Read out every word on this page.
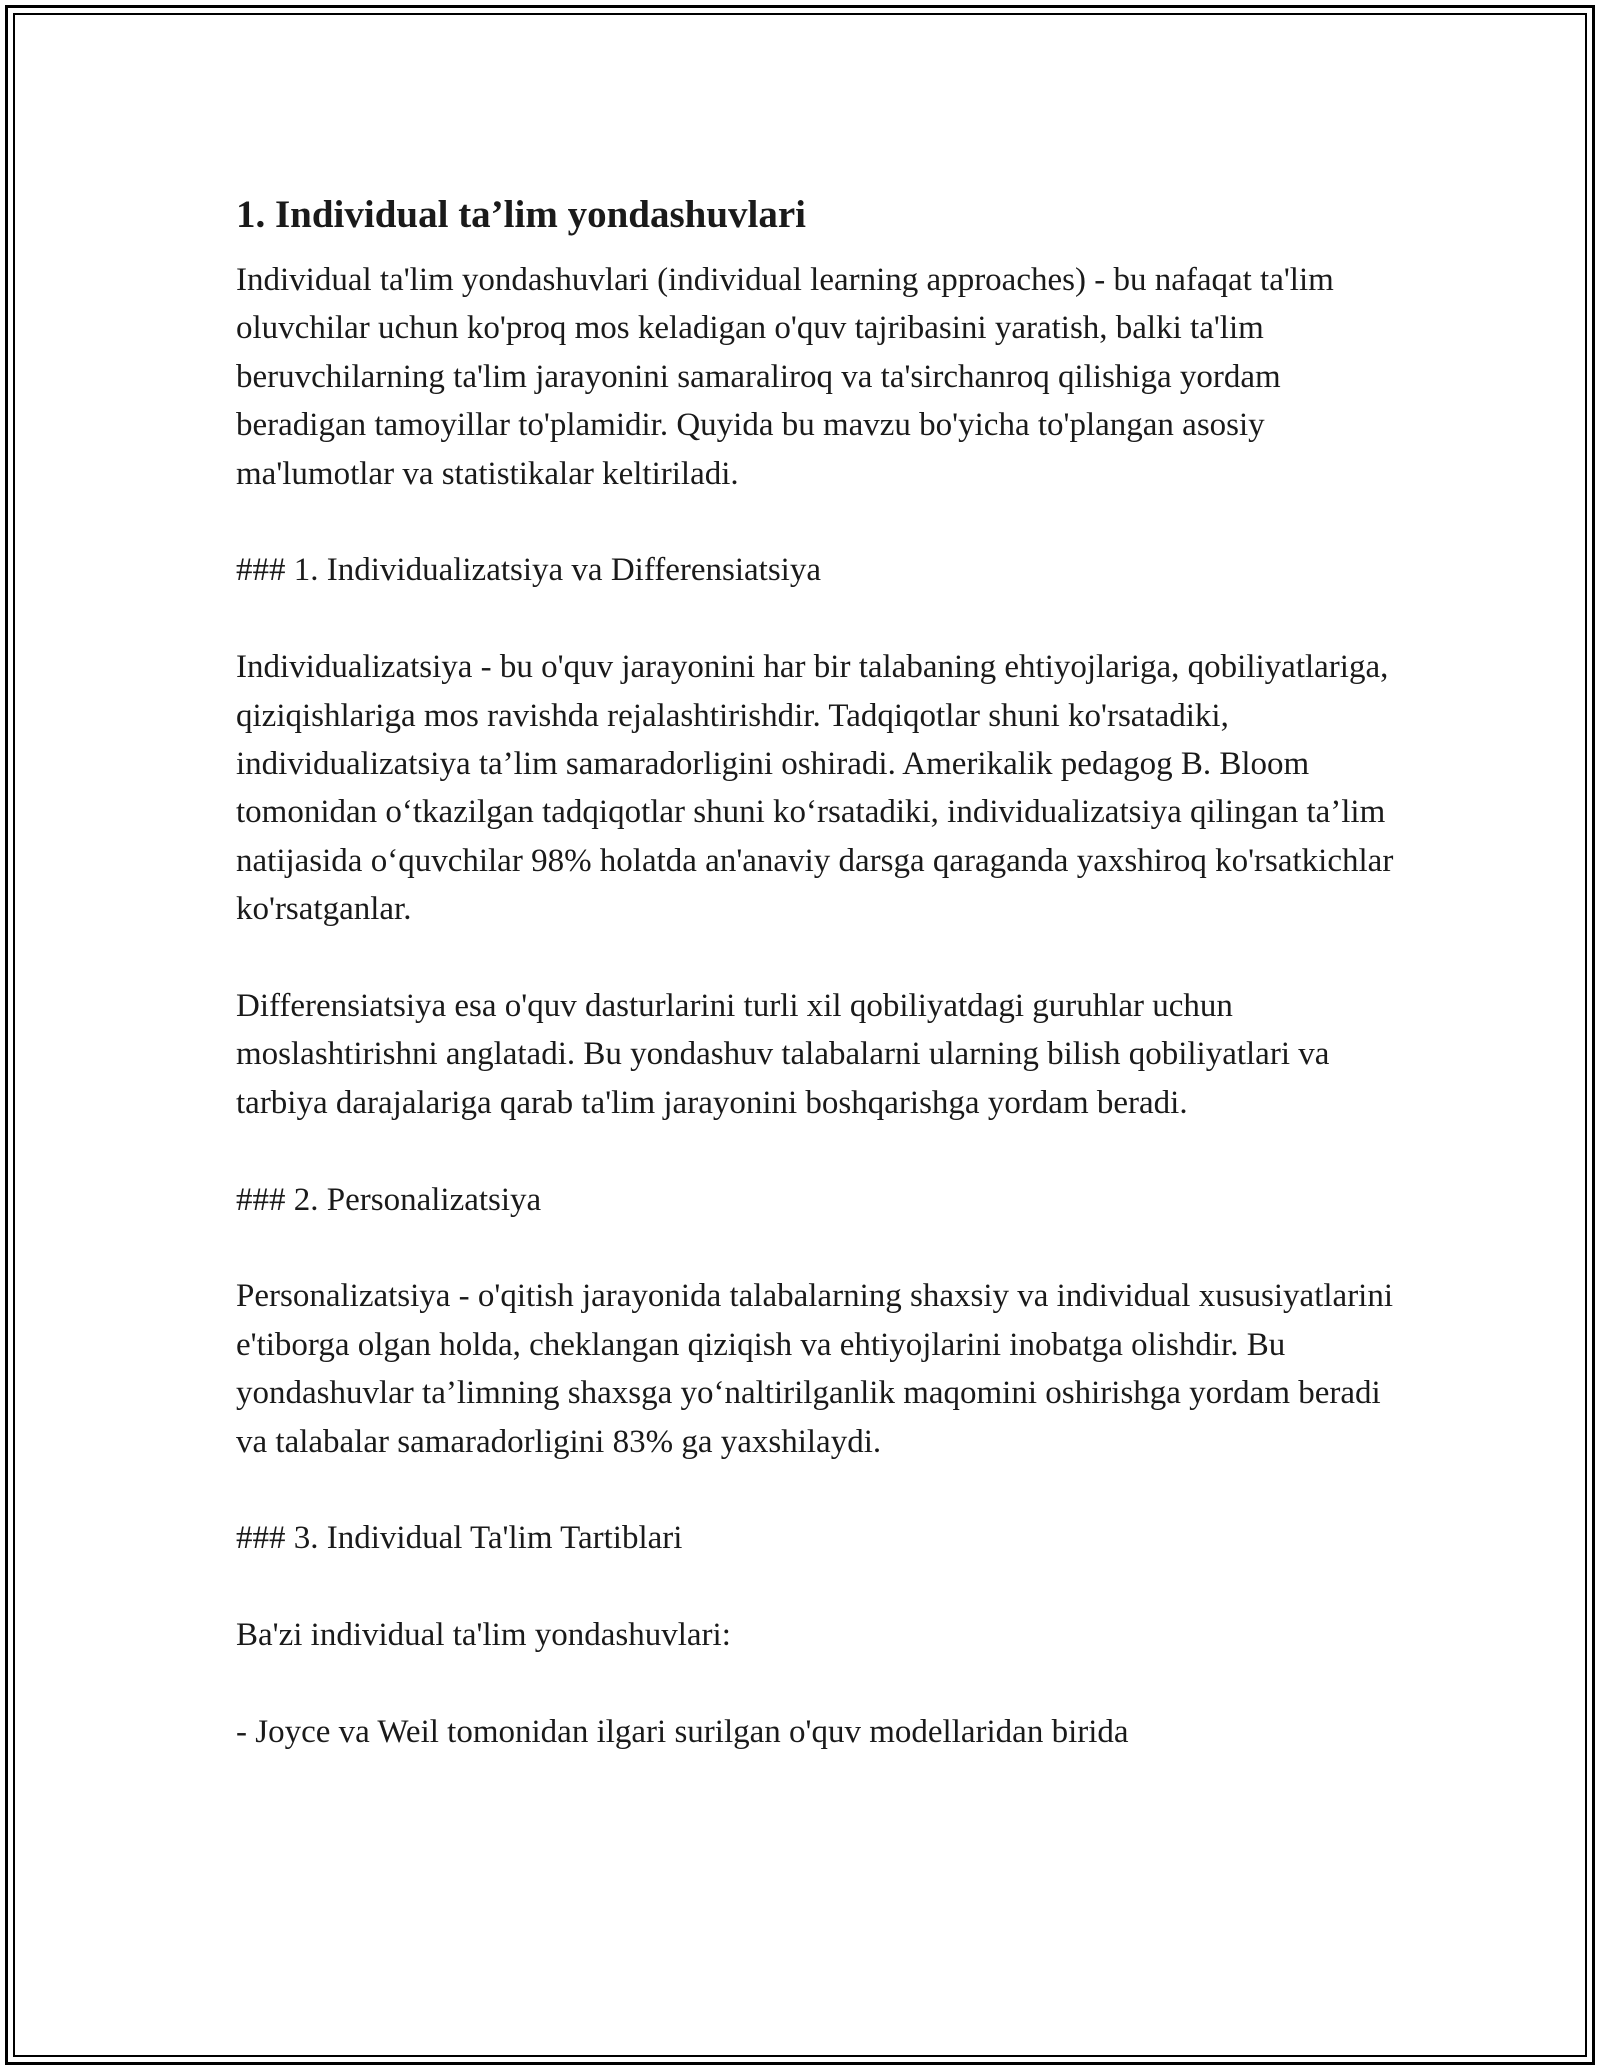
1. Individual ta’lim yondashuvlari

Individual ta'lim yondashuvlari (individual learning approaches) - bu nafaqat ta'lim oluvchilar uchun ko'proq mos keladigan o'quv tajribasini yaratish, balki ta'lim beruvchilarning ta'lim jarayonini samaraliroq va ta'sirchanroq qilishiga yordam beradigan tamoyillar to'plamidir. Quyida bu mavzu bo'yicha to'plangan asosiy ma'lumotlar va statistikalar keltiriladi.

### 1. Individualizatsiya va Differensiatsiya

Individualizatsiya - bu o'quv jarayonini har bir talabaning ehtiyojlariga, qobiliyatlariga, qiziqishlariga mos ravishda rejalashtirishdir. Tadqiqotlar shuni ko'rsatadiki, individualizatsiya ta’lim samaradorligini oshiradi. Amerikalik pedagog B. Bloom tomonidan o‘tkazilgan tadqiqotlar shuni ko‘rsatadiki, individualizatsiya qilingan ta’lim natijasida o‘quvchilar 98% holatda an'anaviy darsga qaraganda yaxshiroq ko'rsatkichlar ko'rsatganlar.

Differensiatsiya esa o'quv dasturlarini turli xil qobiliyatdagi guruhlar uchun moslashtirishni anglatadi. Bu yondashuv talabalarni ularning bilish qobiliyatlari va tarbiya darajalariga qarab ta'lim jarayonini boshqarishga yordam beradi.

### 2. Personalizatsiya

Personalizatsiya - o'qitish jarayonida talabalarning shaxsiy va individual xususiyatlarini e'tiborga olgan holda, cheklangan qiziqish va ehtiyojlarini inobatga olishdir. Bu yondashuvlar ta’limning shaxsga yo‘naltirilganlik maqomini oshirishga yordam beradi va talabalar samaradorligini 83% ga yaxshilaydi.

### 3. Individual Ta'lim Tartiblari

Ba'zi individual ta'lim yondashuvlari:

- Joyce va Weil tomonidan ilgari surilgan o'quv modellaridan birida
